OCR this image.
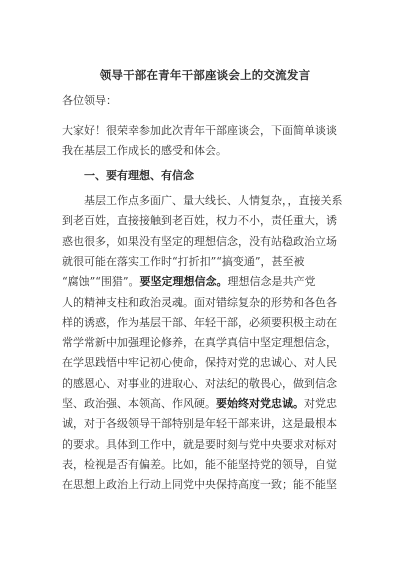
领导干部在青年干部座谈会上的交流发言
各位领导：
大家好！很荣幸参加此次青年干部座谈会，下面简单谈谈
我在基层工作成长的感受和体会。
一、要有理想、有信念
基层工作点多面广、量大线长、人情复杂，，直接关系
到老百姓，直接接触到老百姓，权力不小，责任重大，诱
惑也很多，如果没有坚定的理想信念，没有站稳政治立场
就很可能在落实工作时“打折扣”“搞变通”，甚至被
“腐蚀”“围猎”。要坚定理想信念。理想信念是共产党
人的精神支柱和政治灵魂。面对错综复杂的形势和各色各
样的诱惑，作为基层干部、年轻干部，必须要积极主动在
常学常新中加强理论修养，在真学真信中坚定理想信念，
在学思践悟中牢记初心使命，保持对党的忠诚心、对人民
的感恩心、对事业的进取心、对法纪的敬畏心，做到信念
坚、政治强、本领高、作风硬。要始终对党忠诚。对党忠
诚，对于各级领导干部特别是年轻干部来讲，这是最根本
的要求。具体到工作中，就是要时刻与党中央要求对标对
表，检视是否有偏差。比如，能不能坚持党的领导，自觉
在思想上政治上行动上同党中央保持高度一致；能不能坚
